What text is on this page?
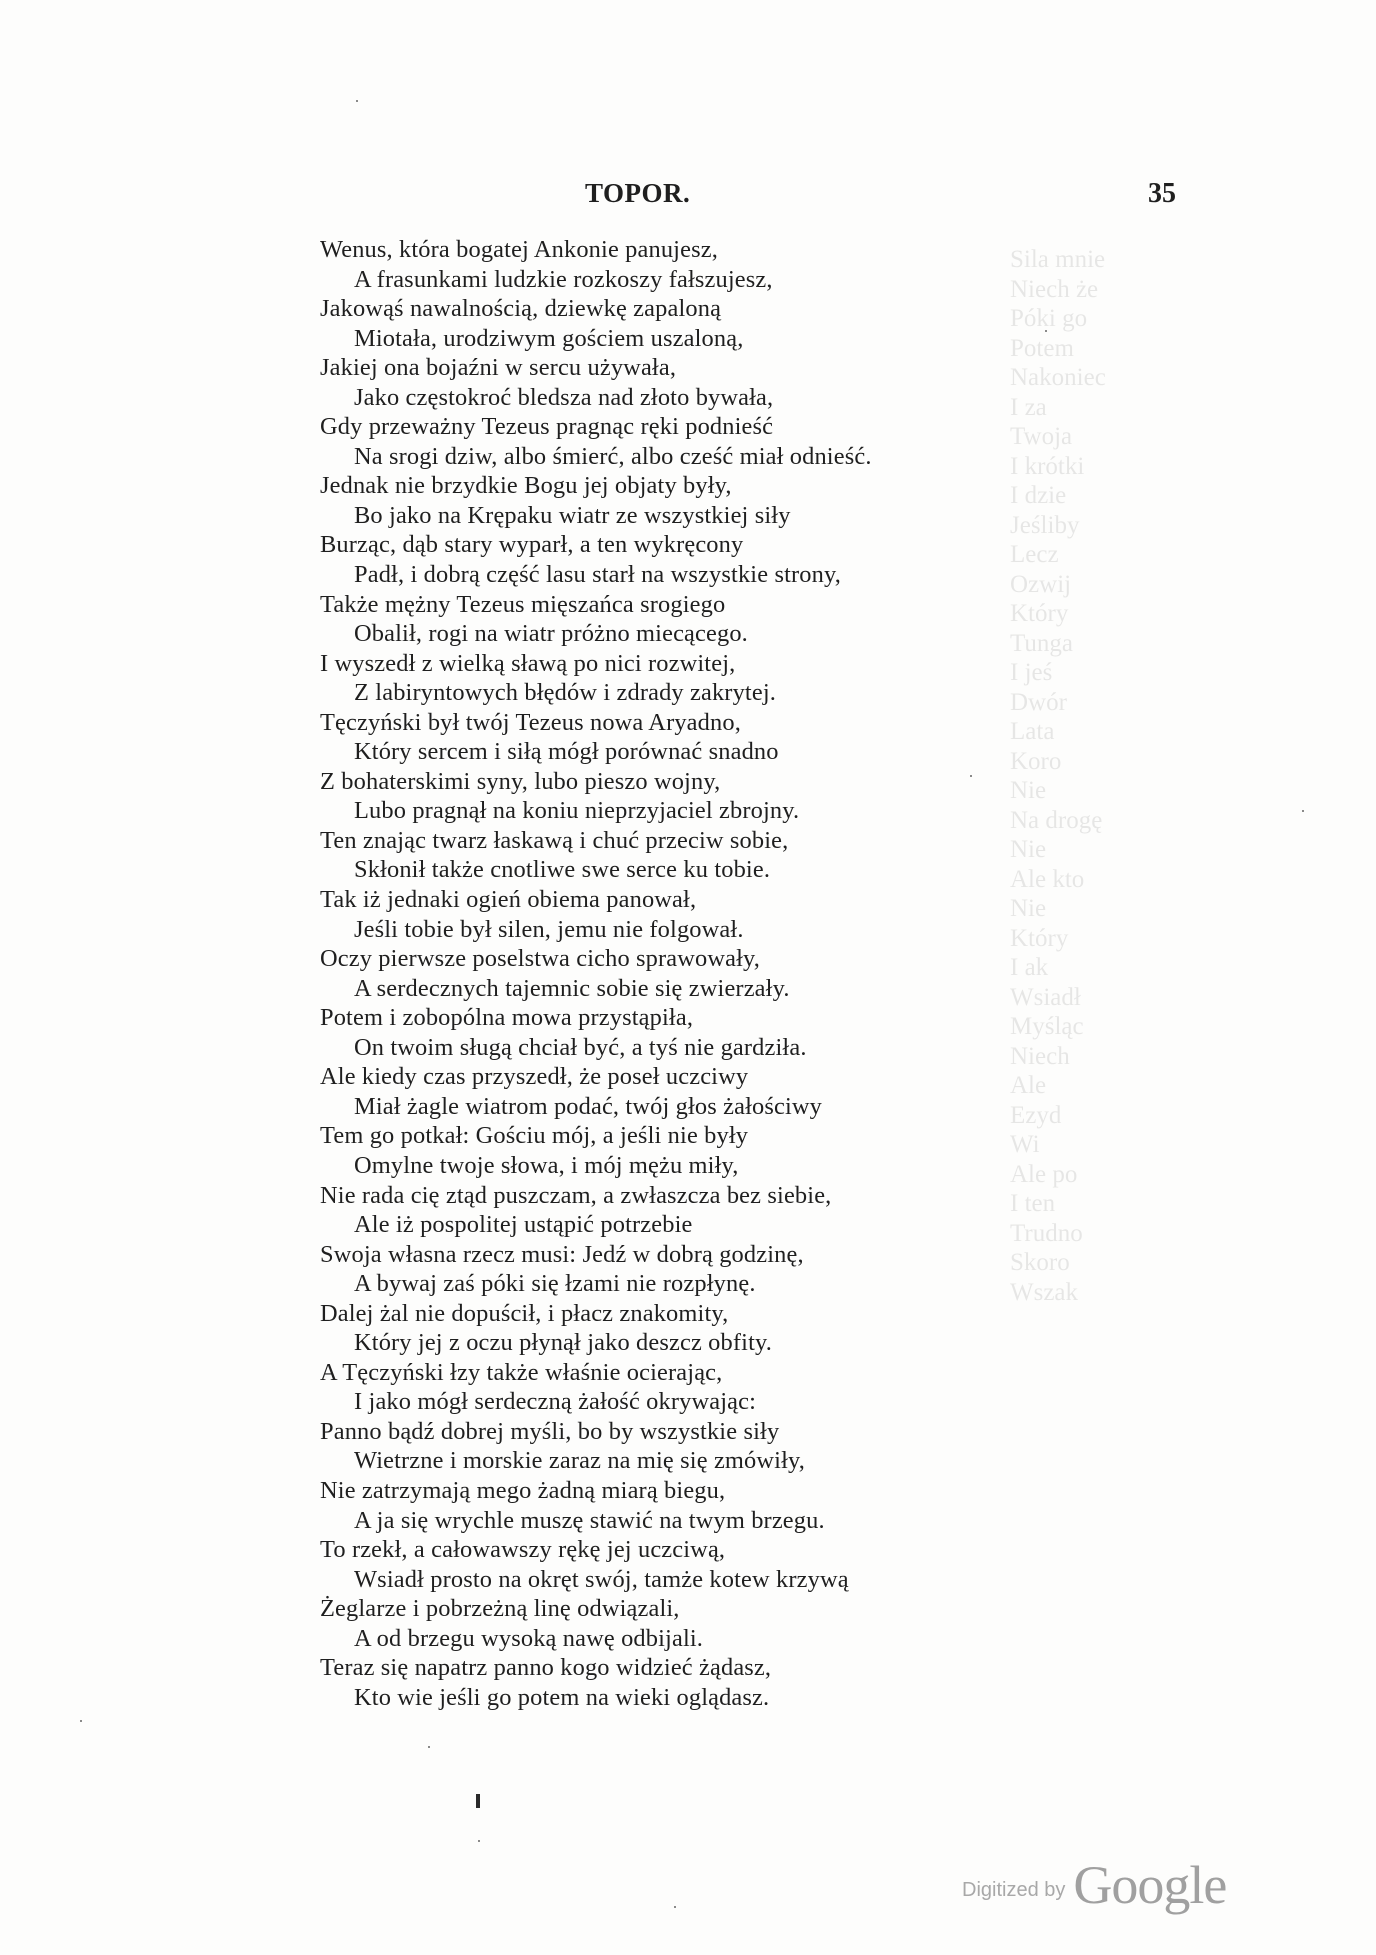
Sila mnie
Niech że
Póki go
Potem
Nakoniec
I za
Twoja
I krótki
I dzie
Jeśliby
Lecz
Ozwij
Który
Tunga
I jeś
Dwór
Lata
Koro
Nie
Na drogę
Nie
Ale kto
Nie
Który
I ak
Wsiadł
Myśląc
Niech
Ale
Ezyd
Wi
Ale po
I ten
Trudno
Skoro
Wszak
TOPOR.	35
Wenus, która bogatej Ankonie panujesz,
A frasunkami ludzkie rozkoszy fałszujesz,
Jakowąś nawalnością, dziewkę zapaloną
Miotała, urodziwym gościem uszaloną,
Jakiej ona bojaźni w sercu używała,
Jako częstokroć bledsza nad złoto bywała,
Gdy przeważny Tezeus pragnąc ręki podnieść
Na srogi dziw, albo śmierć, albo cześć miał odnieść.
Jednak nie brzydkie Bogu jej objaty były,
Bo jako na Krępaku wiatr ze wszystkiej siły
Burząc, dąb stary wyparł, a ten wykręcony
Padł, i dobrą część lasu starł na wszystkie strony,
Także mężny Tezeus mięszańca srogiego
Obalił, rogi na wiatr próżno miecącego.
I wyszedł z wielką sławą po nici rozwitej,
Z labiryntowych błędów i zdrady zakrytej.
Tęczyński był twój Tezeus nowa Aryadno,
Który sercem i siłą mógł porównać snadno
Z bohaterskimi syny, lubo pieszo wojny,
Lubo pragnął na koniu nieprzyjaciel zbrojny.
Ten znając twarz łaskawą i chuć przeciw sobie,
Skłonił także cnotliwe swe serce ku tobie.
Tak iż jednaki ogień obiema panował,
Jeśli tobie był silen, jemu nie folgował.
Oczy pierwsze poselstwa cicho sprawowały,
A serdecznych tajemnic sobie się zwierzały.
Potem i zobopólna mowa przystąpiła,
On twoim sługą chciał być, a tyś nie gardziła.
Ale kiedy czas przyszedł, że poseł uczciwy
Miał żagle wiatrom podać, twój głos żałościwy
Tem go potkał: Gościu mój, a jeśli nie były
Omylne twoje słowa, i mój mężu miły,
Nie rada cię ztąd puszczam, a zwłaszcza bez siebie,
Ale iż pospolitej ustąpić potrzebie
Swoja własna rzecz musi: Jedź w dobrą godzinę,
A bywaj zaś póki się łzami nie rozpłynę.
Dalej żal nie dopuścił, i płacz znakomity,
Który jej z oczu płynął jako deszcz obfity.
A Tęczyński łzy także właśnie ocierając,
I jako mógł serdeczną żałość okrywając:
Panno bądź dobrej myśli, bo by wszystkie siły
Wietrzne i morskie zaraz na mię się zmówiły,
Nie zatrzymają mego żadną miarą biegu,
A ja się wrychle muszę stawić na twym brzegu.
To rzekł, a całowawszy rękę jej uczciwą,
Wsiadł prosto na okręt swój, tamże kotew krzywą
Żeglarze i pobrzeżną linę odwiązali,
A od brzegu wysoką nawę odbijali.
Teraz się napatrz panno kogo widzieć żądasz,
Kto wie jeśli go potem na wieki oglądasz.
Digitized by Google
